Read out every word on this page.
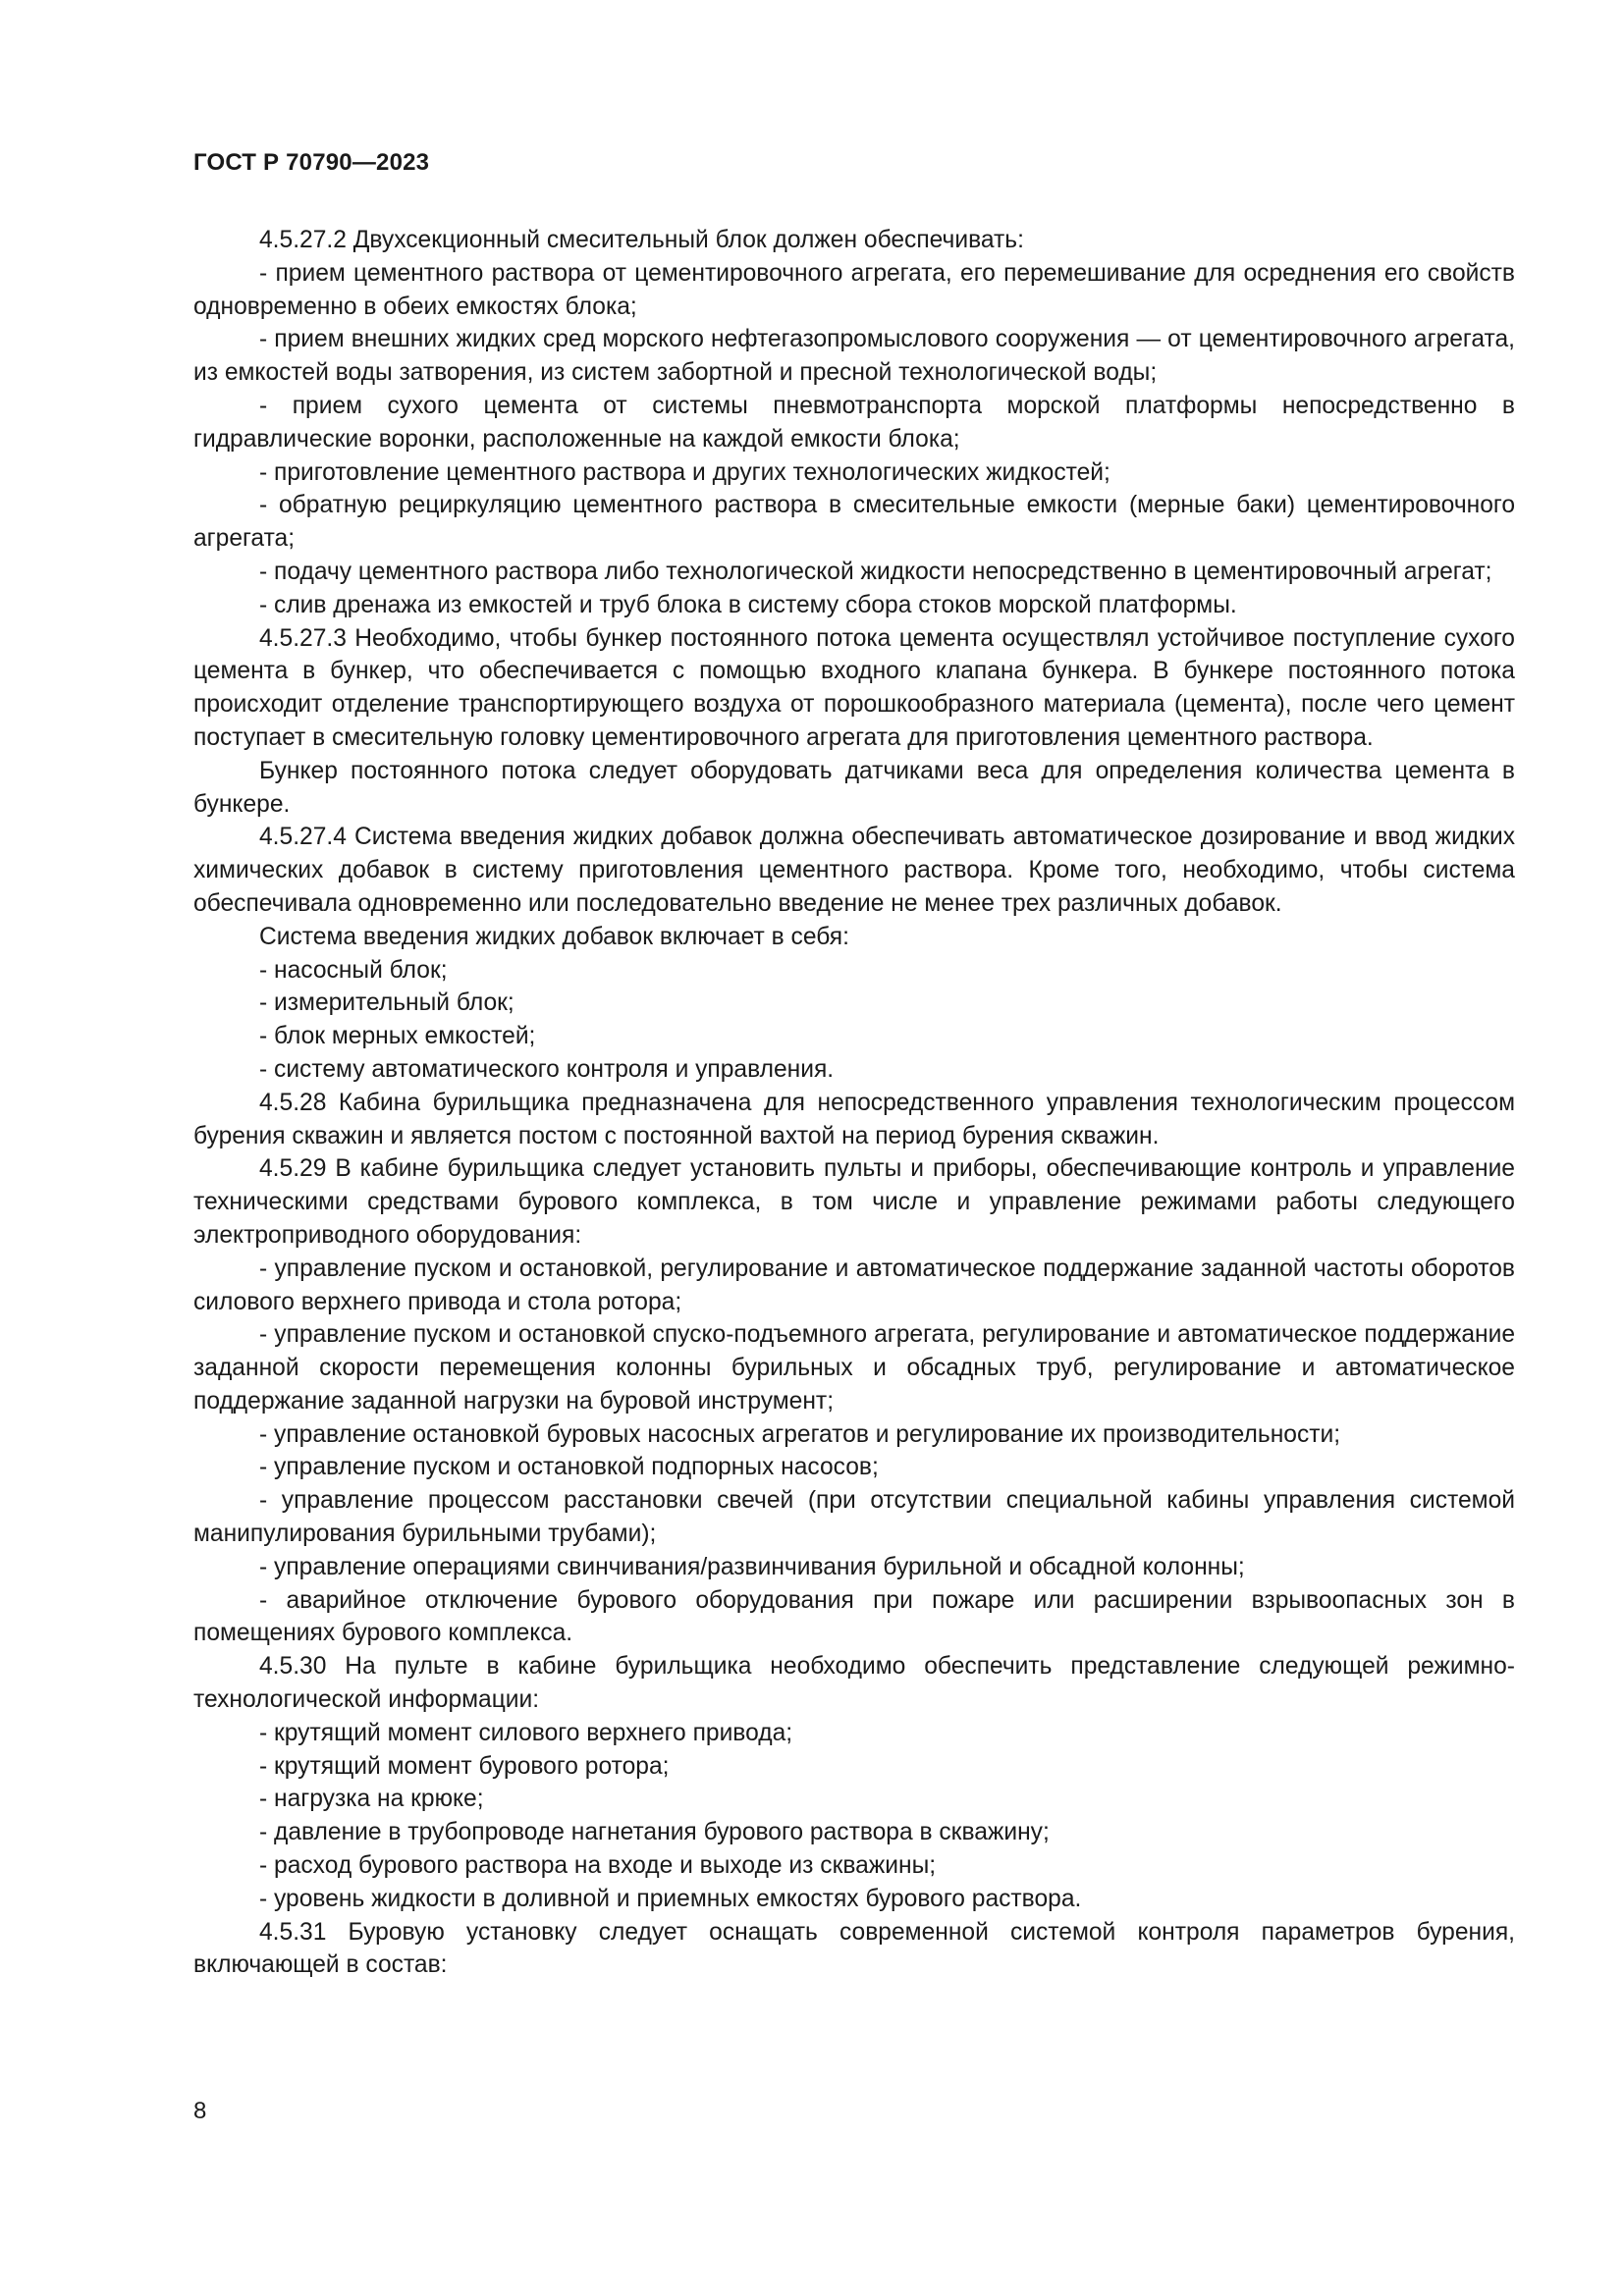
ГОСТ Р 70790—2023

4.5.27.2 Двухсекционный смесительный блок должен обеспечивать:

- прием цементного раствора от цементировочного агрегата, его перемешивание для осреднения его свойств одновременно в обеих емкостях блока;

- прием внешних жидких сред морского нефтегазопромыслового сооружения — от цементировочного агрегата, из емкостей воды затворения, из систем забортной и пресной технологической воды;

- прием сухого цемента от системы пневмотранспорта морской платформы непосредственно в гидравлические воронки, расположенные на каждой емкости блока;

- приготовление цементного раствора и других технологических жидкостей;

- обратную рециркуляцию цементного раствора в смесительные емкости (мерные баки) цементировочного агрегата;

- подачу цементного раствора либо технологической жидкости непосредственно в цементировочный агрегат;

- слив дренажа из емкостей и труб блока в систему сбора стоков морской платформы.

4.5.27.3 Необходимо, чтобы бункер постоянного потока цемента осуществлял устойчивое поступление сухого цемента в бункер, что обеспечивается с помощью входного клапана бункера. В бункере постоянного потока происходит отделение транспортирующего воздуха от порошкообразного материала (цемента), после чего цемент поступает в смесительную головку цементировочного агрегата для приготовления цементного раствора.

Бункер постоянного потока следует оборудовать датчиками веса для определения количества цемента в бункере.

4.5.27.4 Система введения жидких добавок должна обеспечивать автоматическое дозирование и ввод жидких химических добавок в систему приготовления цементного раствора. Кроме того, необходимо, чтобы система обеспечивала одновременно или последовательно введение не менее трех различных добавок.

Система введения жидких добавок включает в себя:

- насосный блок;

- измерительный блок;

- блок мерных емкостей;

- систему автоматического контроля и управления.

4.5.28 Кабина бурильщика предназначена для непосредственного управления технологическим процессом бурения скважин и является постом с постоянной вахтой на период бурения скважин.

4.5.29 В кабине бурильщика следует установить пульты и приборы, обеспечивающие контроль и управление техническими средствами бурового комплекса, в том числе и управление режимами работы следующего электроприводного оборудования:

- управление пуском и остановкой, регулирование и автоматическое поддержание заданной частоты оборотов силового верхнего привода и стола ротора;

- управление пуском и остановкой спуско-подъемного агрегата, регулирование и автоматическое поддержание заданной скорости перемещения колонны бурильных и обсадных труб, регулирование и автоматическое поддержание заданной нагрузки на буровой инструмент;

- управление остановкой буровых насосных агрегатов и регулирование их производительности;

- управление пуском и остановкой подпорных насосов;

- управление процессом расстановки свечей (при отсутствии специальной кабины управления системой манипулирования бурильными трубами);

- управление операциями свинчивания/развинчивания бурильной и обсадной колонны;

- аварийное отключение бурового оборудования при пожаре или расширении взрывоопасных зон в помещениях бурового комплекса.

4.5.30 На пульте в кабине бурильщика необходимо обеспечить представление следующей режимно-технологической информации:

- крутящий момент силового верхнего привода;

- крутящий момент бурового ротора;

- нагрузка на крюке;

- давление в трубопроводе нагнетания бурового раствора в скважину;

- расход бурового раствора на входе и выходе из скважины;

- уровень жидкости в доливной и приемных емкостях бурового раствора.

4.5.31 Буровую установку следует оснащать современной системой контроля параметров бурения, включающей в состав:

8
